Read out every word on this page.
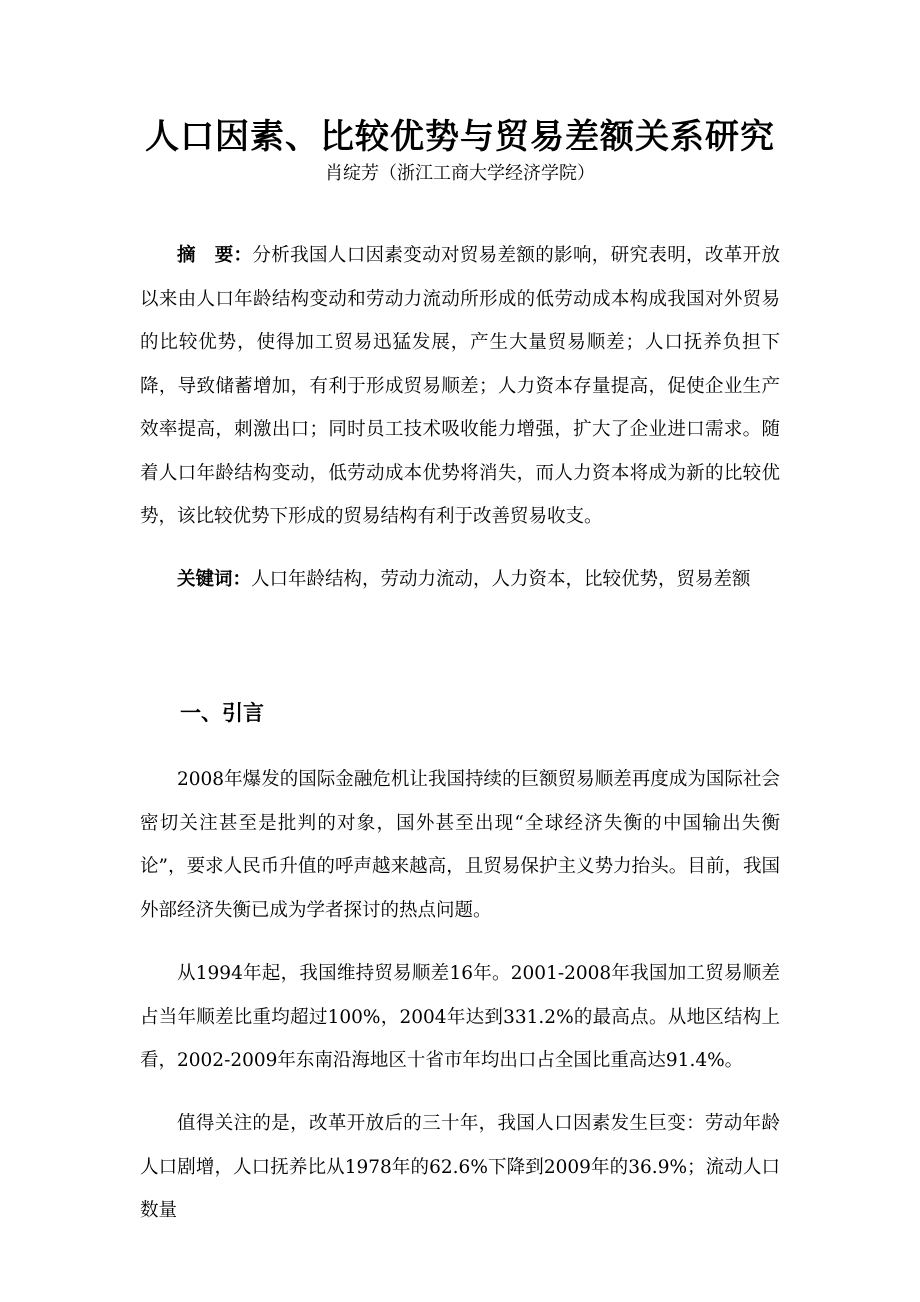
人口因素、比较优势与贸易差额关系研究
肖绽芳（浙江工商大学经济学院）
摘　要：分析我国人口因素变动对贸易差额的影响，研究表明，改革开放以来由人口年龄结构变动和劳动力流动所形成的低劳动成本构成我国对外贸易的比较优势，使得加工贸易迅猛发展，产生大量贸易顺差；人口抚养负担下降，导致储蓄增加，有利于形成贸易顺差；人力资本存量提高，促使企业生产效率提高，刺激出口；同时员工技术吸收能力增强，扩大了企业进口需求。随着人口年龄结构变动，低劳动成本优势将消失，而人力资本将成为新的比较优势，该比较优势下形成的贸易结构有利于改善贸易收支。
关键词：人口年龄结构，劳动力流动，人力资本，比较优势，贸易差额
一、引言
2008年爆发的国际金融危机让我国持续的巨额贸易顺差再度成为国际社会密切关注甚至是批判的对象，国外甚至出现“全球经济失衡的中国输出失衡论”，要求人民币升值的呼声越来越高，且贸易保护主义势力抬头。目前，我国外部经济失衡已成为学者探讨的热点问题。
从1994年起，我国维持贸易顺差16年。2001-2008年我国加工贸易顺差占当年顺差比重均超过100%，2004年达到331.2%的最高点。从地区结构上看，2002-2009年东南沿海地区十省市年均出口占全国比重高达91.4%。
值得关注的是，改革开放后的三十年，我国人口因素发生巨变：劳动年龄人口剧增，人口抚养比从1978年的62.6%下降到2009年的36.9%；流动人口数量
